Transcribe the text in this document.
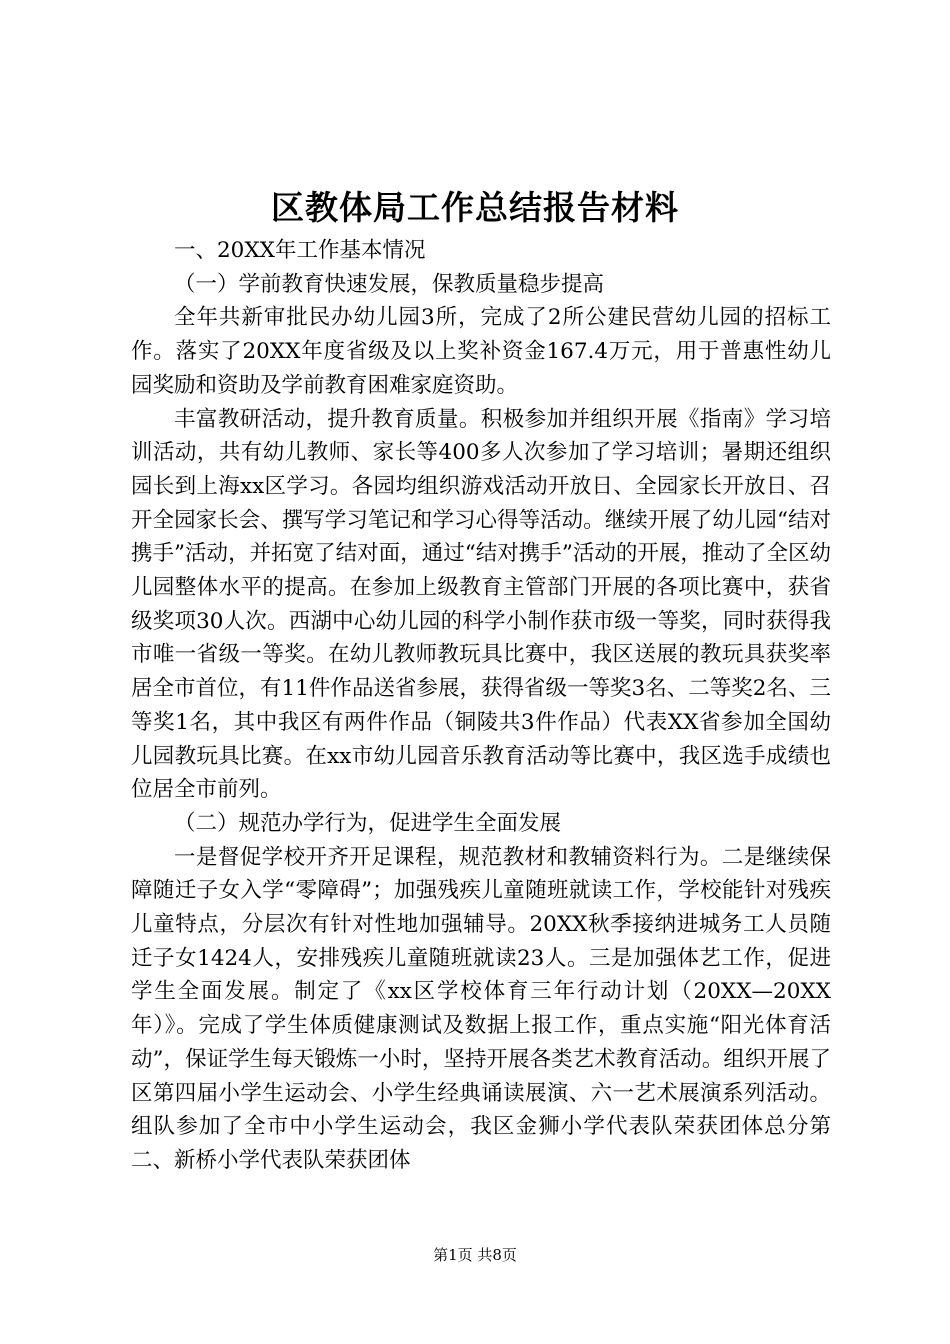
区教体局工作总结报告材料

一、20XX年工作基本情况

（一）学前教育快速发展，保教质量稳步提高

全年共新审批民办幼儿园3所，完成了2所公建民营幼儿园的招标工作。落实了20XX年度省级及以上奖补资金167.4万元，用于普惠性幼儿园奖励和资助及学前教育困难家庭资助。

丰富教研活动，提升教育质量。积极参加并组织开展《指南》学习培训活动，共有幼儿教师、家长等400多人次参加了学习培训；暑期还组织园长到上海xx区学习。各园均组织游戏活动开放日、全园家长开放日、召开全园家长会、撰写学习笔记和学习心得等活动。继续开展了幼儿园“结对携手”活动，并拓宽了结对面，通过“结对携手”活动的开展，推动了全区幼儿园整体水平的提高。在参加上级教育主管部门开展的各项比赛中，获省级奖项30人次。西湖中心幼儿园的科学小制作获市级一等奖，同时获得我市唯一省级一等奖。在幼儿教师教玩具比赛中，我区送展的教玩具获奖率居全市首位，有11件作品送省参展，获得省级一等奖3名、二等奖2名、三等奖1名，其中我区有两件作品（铜陵共3件作品）代表XX省参加全国幼儿园教玩具比赛。在xx市幼儿园音乐教育活动等比赛中，我区选手成绩也位居全市前列。

（二）规范办学行为，促进学生全面发展

一是督促学校开齐开足课程，规范教材和教辅资料行为。二是继续保障随迁子女入学“零障碍”；加强残疾儿童随班就读工作，学校能针对残疾儿童特点，分层次有针对性地加强辅导。20XX秋季接纳进城务工人员随迁子女1424人，安排残疾儿童随班就读23人。三是加强体艺工作，促进学生全面发展。制定了《xx区学校体育三年行动计划（20XX—20XX年）》。完成了学生体质健康测试及数据上报工作，重点实施“阳光体育活动”，保证学生每天锻炼一小时，坚持开展各类艺术教育活动。组织开展了区第四届小学生运动会、小学生经典诵读展演、六一艺术展演系列活动。组队参加了全市中小学生运动会，我区金狮小学代表队荣获团体总分第二、新桥小学代表队荣获团体

第1页 共8页
